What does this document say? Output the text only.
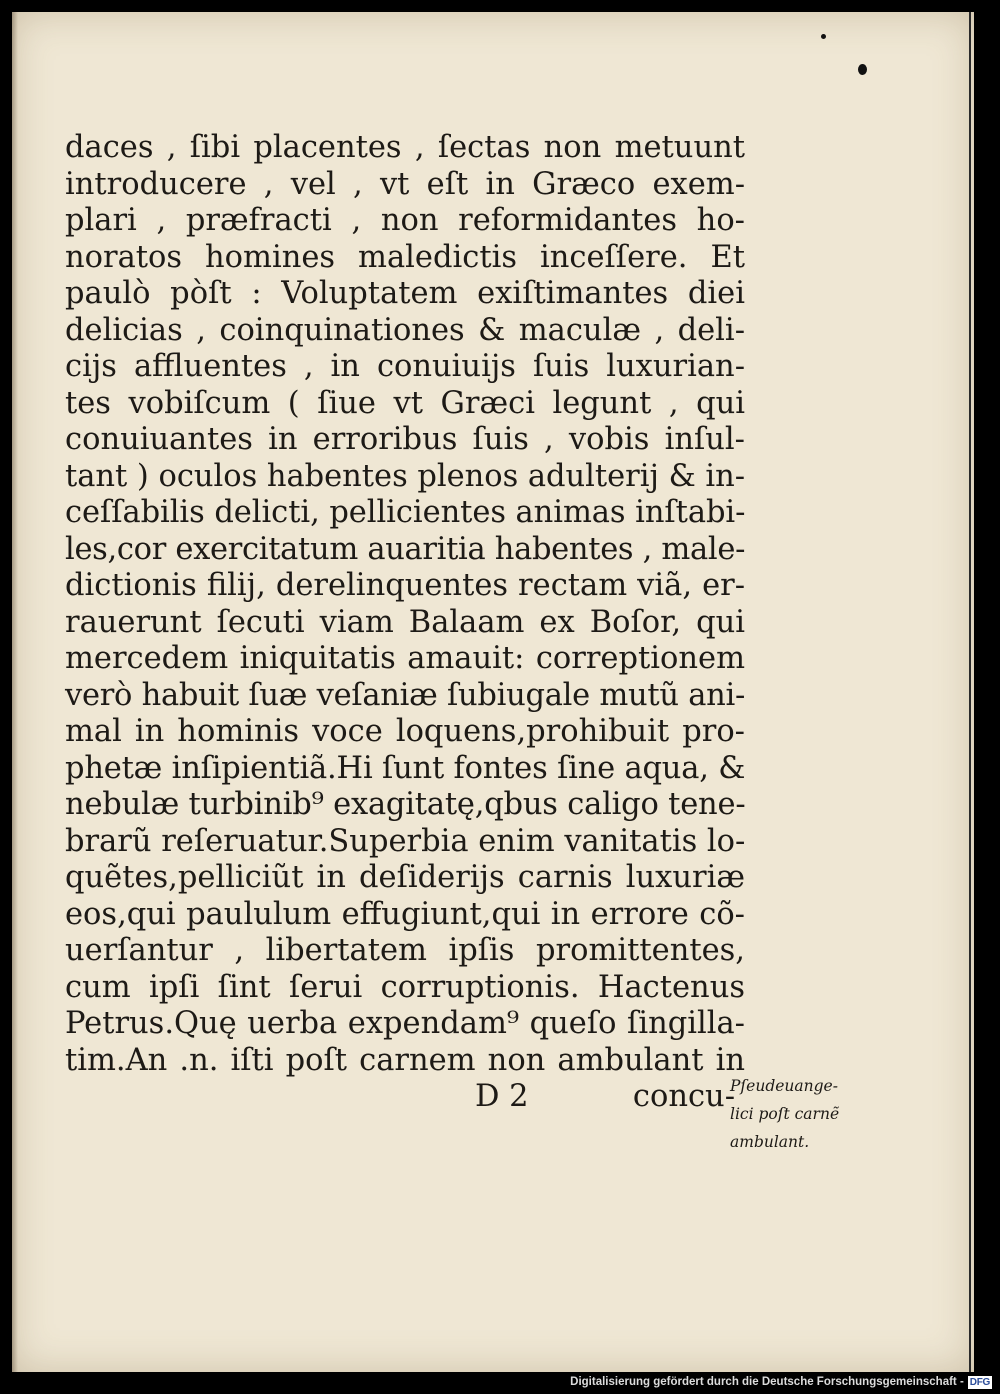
daces , ſibi placentes , ſectas non metuunt
introducere , vel , vt eſt in Græco exem-
plari , præfracti , non reformidantes ho-
noratos homines maledictis inceſſere. Et
paulò pòſt : Voluptatem exiſtimantes diei
delicias , coinquinationes & maculæ , deli-
cijs affluentes , in conuiuijs ſuis luxurian-
tes vobiſcum ( ſiue vt Græci legunt , qui
conuiuantes in erroribus ſuis , vobis inſul-
tant ) oculos habentes plenos adulterij & in-
ceſſabilis delicti, pellicientes animas inſtabi-
les,cor exercitatum auaritia habentes , male-
dictionis filij, derelinquentes rectam viã, er-
rauerunt ſecuti viam Balaam ex Boſor, qui
mercedem iniquitatis amauit: correptionem
verò habuit ſuæ veſaniæ ſubiugale mutũ ani-
mal in hominis voce loquens,prohibuit pro-
phetæ inſipientiã.Hi ſunt fontes ſine aqua, &
nebulæ turbinib⁹ exagitatę,qbus caligo tene-
brarũ reſeruatur.Superbia enim vanitatis lo-
quẽtes,pelliciũt in deſiderijs carnis luxuriæ
eos,qui paululum effugiunt,qui in errore cõ-
uerſantur , libertatem ipſis promittentes,
cum ipſi ſint ſerui corruptionis. Hactenus
Petrus.Quę uerba expendam⁹ queſo ſingilla-
tim.An .n. iſti poſt carnem non ambulant in
D 2	concu-
Pſeudeuange-
lici poſt carnẽ
ambulant.
Digitalisierung gefördert durch die Deutsche Forschungsgemeinschaft - DFG
